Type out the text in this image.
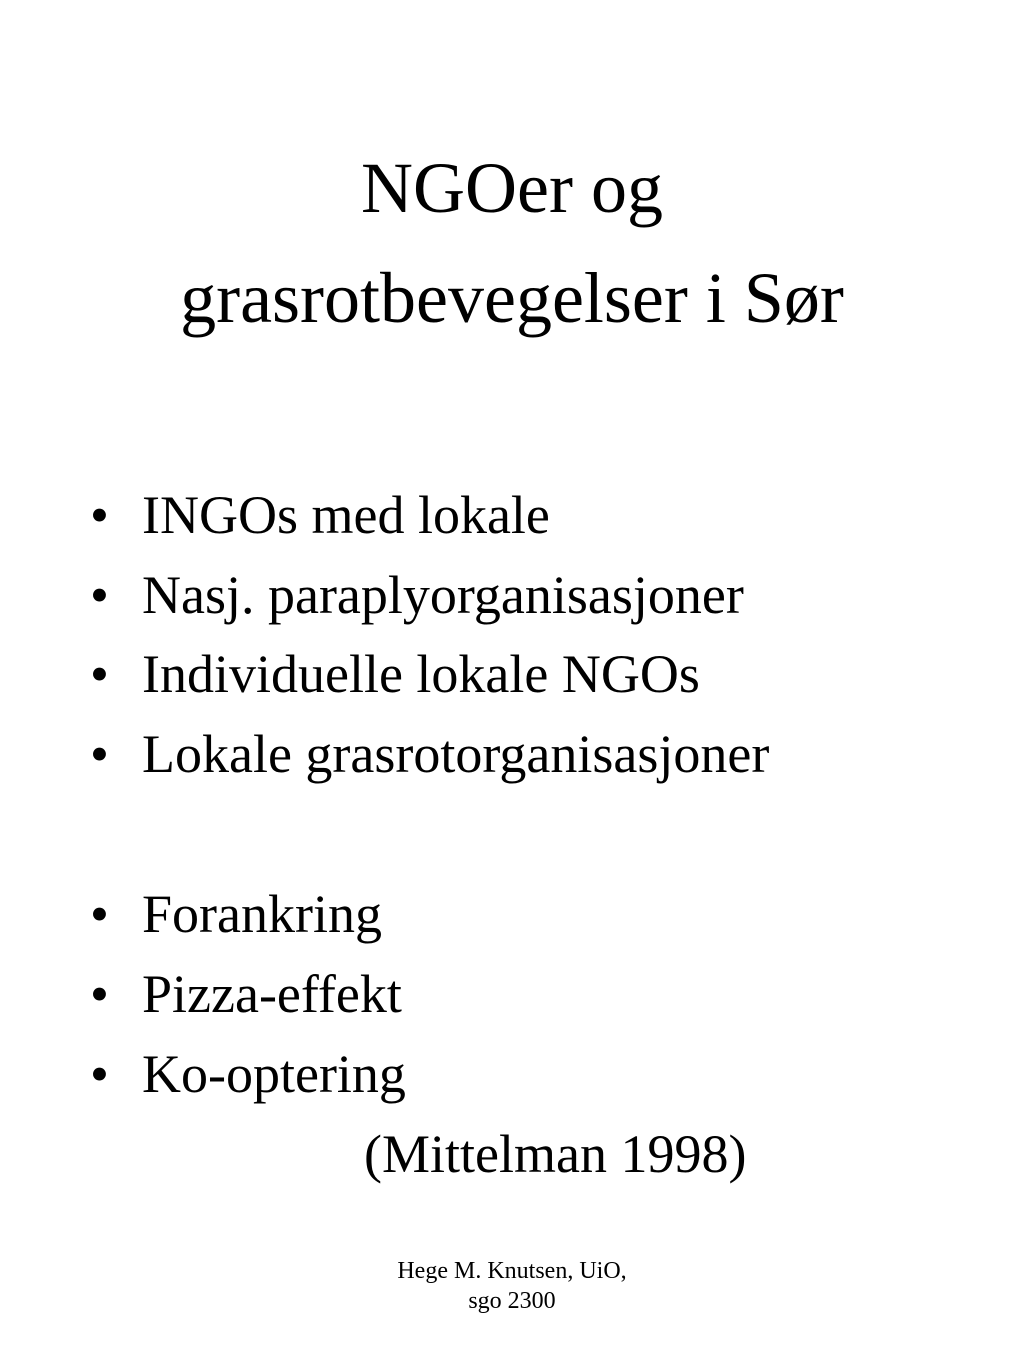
NGOer og
grasrotbevegelser i Sør
• INGOs med lokale
• Nasj. paraplyorganisasjoner
• Individuelle lokale NGOs
• Lokale grasrotorganisasjoner
• Forankring
• Pizza-effekt
• Ko-optering
(Mittelman 1998)
Hege M. Knutsen, UiO,
sgo 2300
